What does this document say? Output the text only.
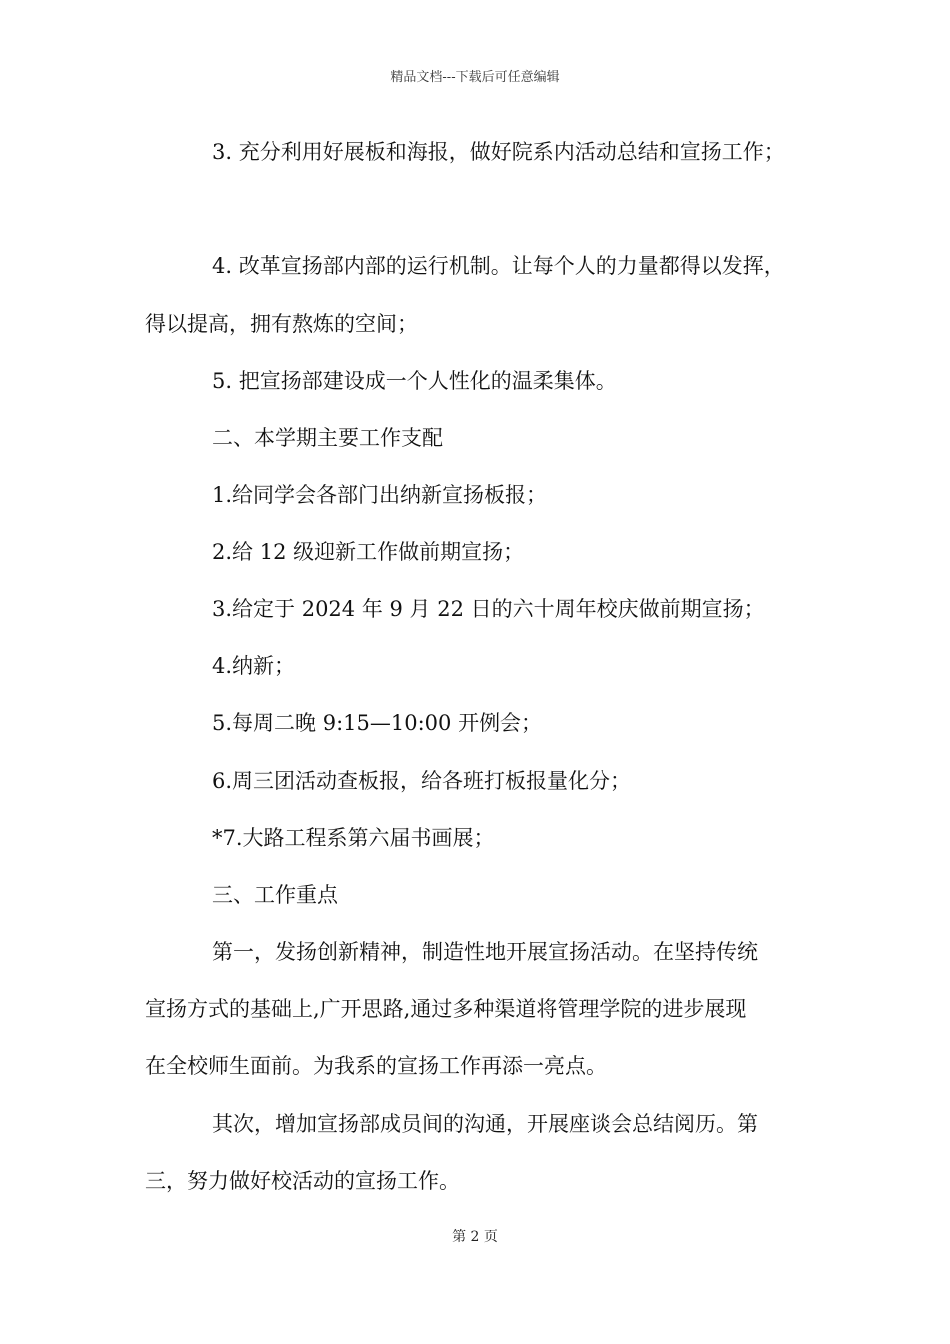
精品文档---下载后可任意编辑
3. 充分利用好展板和海报，做好院系内活动总结和宣扬工作；
4. 改革宣扬部内部的运行机制。让每个人的力量都得以发挥，
得以提高，拥有熬炼的空间；
5. 把宣扬部建设成一个人性化的温柔集体。
二、本学期主要工作支配
1.给同学会各部门出纳新宣扬板报；
2.给 12 级迎新工作做前期宣扬；
3.给定于 2024 年 9 月 22 日的六十周年校庆做前期宣扬；
4.纳新；
5.每周二晚 9:15—10:00 开例会；
6.周三团活动查板报，给各班打板报量化分；
*7.大路工程系第六届书画展；
三、工作重点
第一，发扬创新精神，制造性地开展宣扬活动。在坚持传统
宣扬方式的基础上,广开思路,通过多种渠道将管理学院的进步展现
在全校师生面前。为我系的宣扬工作再添一亮点。
其次，增加宣扬部成员间的沟通，开展座谈会总结阅历。第
三，努力做好校活动的宣扬工作。
第 2 页
